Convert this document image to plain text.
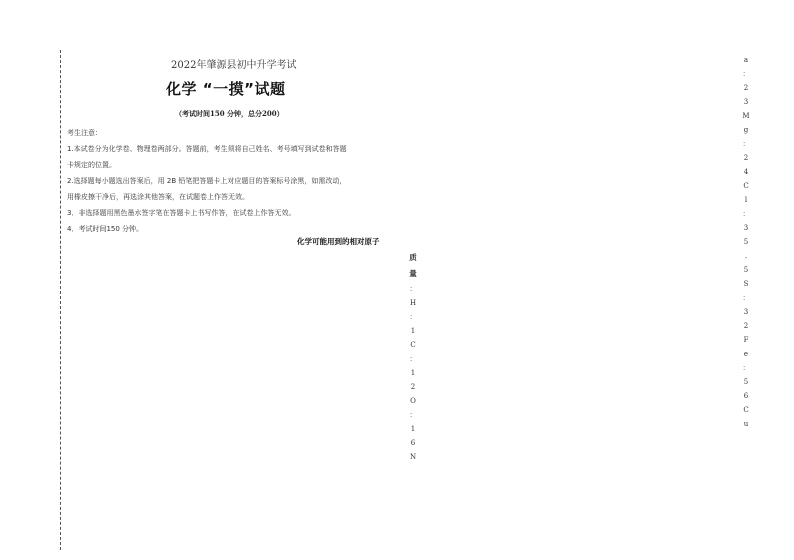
2022年肇源县初中升学考试
化学 “一摸”试题
（考试时间150 分钟，总分200）
考生注意：
1.本试卷分为化学卷、物理卷两部分。答题前，考生须将自己姓名、考号填写到试卷和答题
卡规定的位置。
2.选择题每小题选出答案后，用 2B 铅笔把答题卡上对应题目的答案标号涂黑，如需改动，
用橡皮擦干净后，再选涂其他答案，在试题卷上作答无效。
3．非选择题用黑色墨水签字笔在答题卡上书写作答，在试卷上作答无效。
4．考试时间150 分钟。
化学可能用到的相对原子
质
量
：
H
：
1
C
：
1
2
O
：
1
6
N
a
：
2
3
M
g
：
2
4
C
l
：
3
5
.
5
S
：
3
2
F
e
：
5
6
C
u
